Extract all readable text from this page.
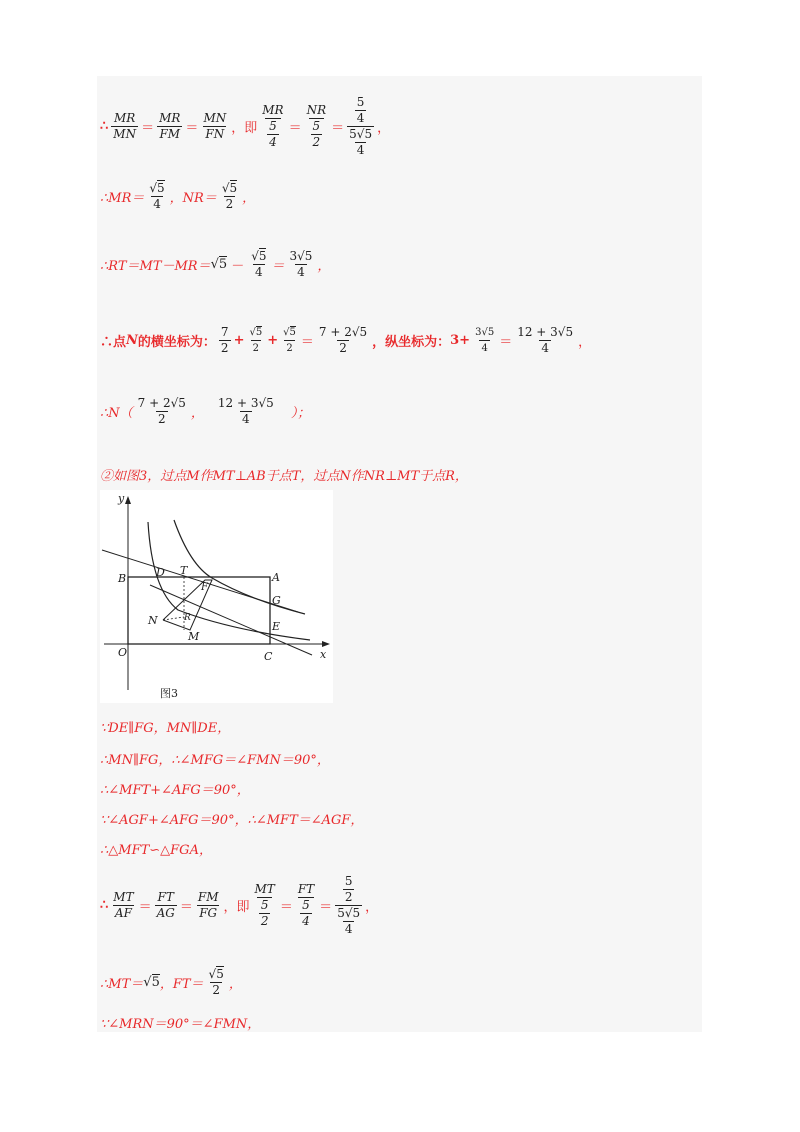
∴ $\frac{MR}{MN} = \frac{MR}{FM} = \frac{MN}{FN}$ ，即 MR
5
4 ＝ NR
5
2 ＝ 5
4
5√5
4 ，
∴MR＝ $\frac{√5}{4}$ ，$NR= \frac{√5}{2}$ ，
∴RT＝MT－MR＝ $√5 - \frac{√5}{4} = \frac{3√5}{4}$ ，
∴点 N 的横坐标为： $\frac{7}{2} + \frac{√5}{2} + \frac{√5}{2} = \frac{7 + 2√5}{2}$ ，纵坐标为： $3+ \frac{3√5}{4} = \frac{12 + 3√5}{4}$ ，
∴N（ $\frac{7 + 2√5}{2}$ ， $\frac{12 + 3√5}{4}$ ）；
②如图3，过点M作MT⊥AB于点T，过点N作NR⊥MT于点R，
y
x
O
B	D T
F
A
G
N	R
M
E
C
图3
∵DE∥FG，MN∥DE，
∴MN∥FG，∴∠MFG＝∠FMN＝90°，
∴∠MFT+∠AFG＝90°，
∵∠AGF+∠AFG＝90°，∴∠MFT＝∠AGF，
∴△MFT∽△FGA，
∴ $\frac{MT}{AF} = \frac{FT}{AG} = \frac{FM}{FG}$ ，即 MT
5
2 ＝ FT
5
4 ＝ 5
2
5√5
4 ，
∴MT＝ √5 ，$FT= \frac{√5}{2}$ ，
∵∠MRN＝90°＝∠FMN，
